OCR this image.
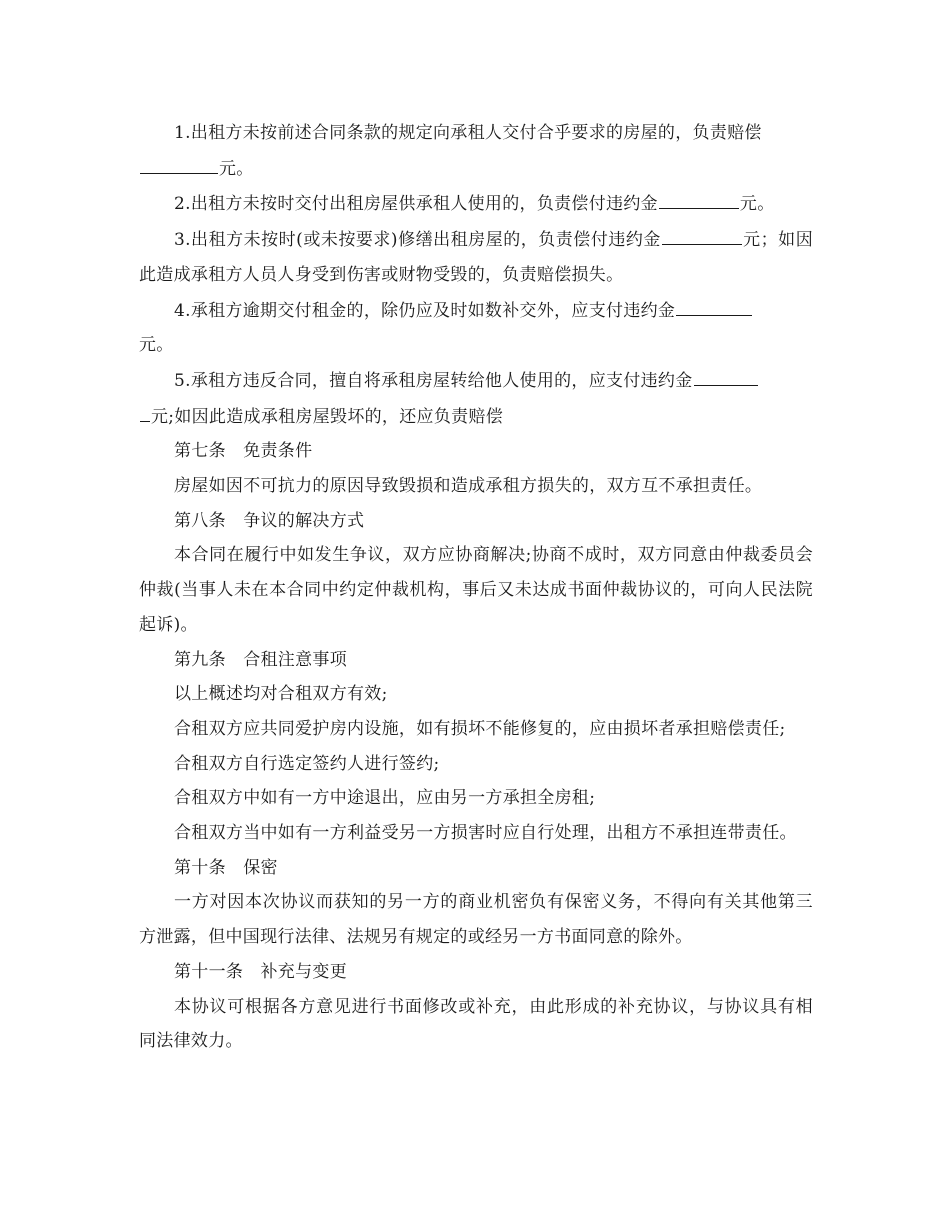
1.出租方未按前述合同条款的规定向承租人交付合乎要求的房屋的，负责赔偿
元。

2.出租方未按时交付出租房屋供承租人使用的，负责偿付违约金	元。

3.出租方未按时(或未按要求)修缮出租房屋的，负责偿付违约金	元；如因此造成承租方人员人身受到伤害或财物受毁的，负责赔偿损失。

4.承租方逾期交付租金的，除仍应及时如数补交外，应支付违约金
元。

5.承租方违反合同，擅自将承租房屋转给他人使用的，应支付违约金
元;如因此造成承租房屋毁坏的，还应负责赔偿

第七条　免责条件

房屋如因不可抗力的原因导致毁损和造成承租方损失的，双方互不承担责任。

第八条　争议的解决方式

本合同在履行中如发生争议，双方应协商解决;协商不成时，双方同意由仲裁委员会仲裁(当事人未在本合同中约定仲裁机构，事后又未达成书面仲裁协议的，可向人民法院起诉)。

第九条　合租注意事项

以上概述均对合租双方有效;

合租双方应共同爱护房内设施，如有损坏不能修复的，应由损坏者承担赔偿责任;

合租双方自行选定签约人进行签约;

合租双方中如有一方中途退出，应由另一方承担全房租;

合租双方当中如有一方利益受另一方损害时应自行处理，出租方不承担连带责任。

第十条　保密

一方对因本次协议而获知的另一方的商业机密负有保密义务，不得向有关其他第三方泄露，但中国现行法律、法规另有规定的或经另一方书面同意的除外。

第十一条　补充与变更

本协议可根据各方意见进行书面修改或补充，由此形成的补充协议，与协议具有相同法律效力。
